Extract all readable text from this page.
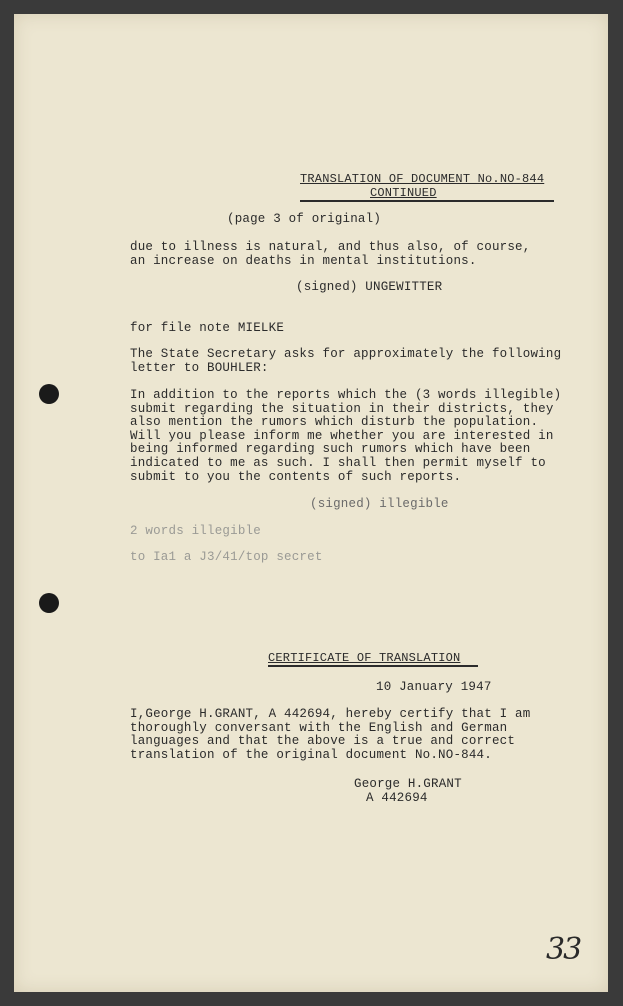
TRANSLATION OF DOCUMENT No.NO-844
CONTINUED
(page 3 of original)
due to illness is natural, and thus also, of course,
an increase on deaths in mental institutions.
(signed) UNGEWITTER
for file note MIELKE
The State Secretary asks for approximately the following
letter to BOUHLER:
In addition to the reports which the (3 words illegible)
submit regarding the situation in their districts, they
also mention the rumors which disturb the population.
Will you please inform me whether you are interested in
being informed regarding such rumors which have been
indicated to me as such. I shall then permit myself to
submit to you the contents of such reports.
(signed) illegible
2 words illegible
to Ia1 a J3/41/top secret
CERTIFICATE OF TRANSLATION
10 January 1947
I,George H.GRANT, A 442694, hereby certify that I am
thoroughly conversant with the English and German
languages and that the above is a true and correct
translation of the original document No.NO-844.
George H.GRANT
A 442694
33
